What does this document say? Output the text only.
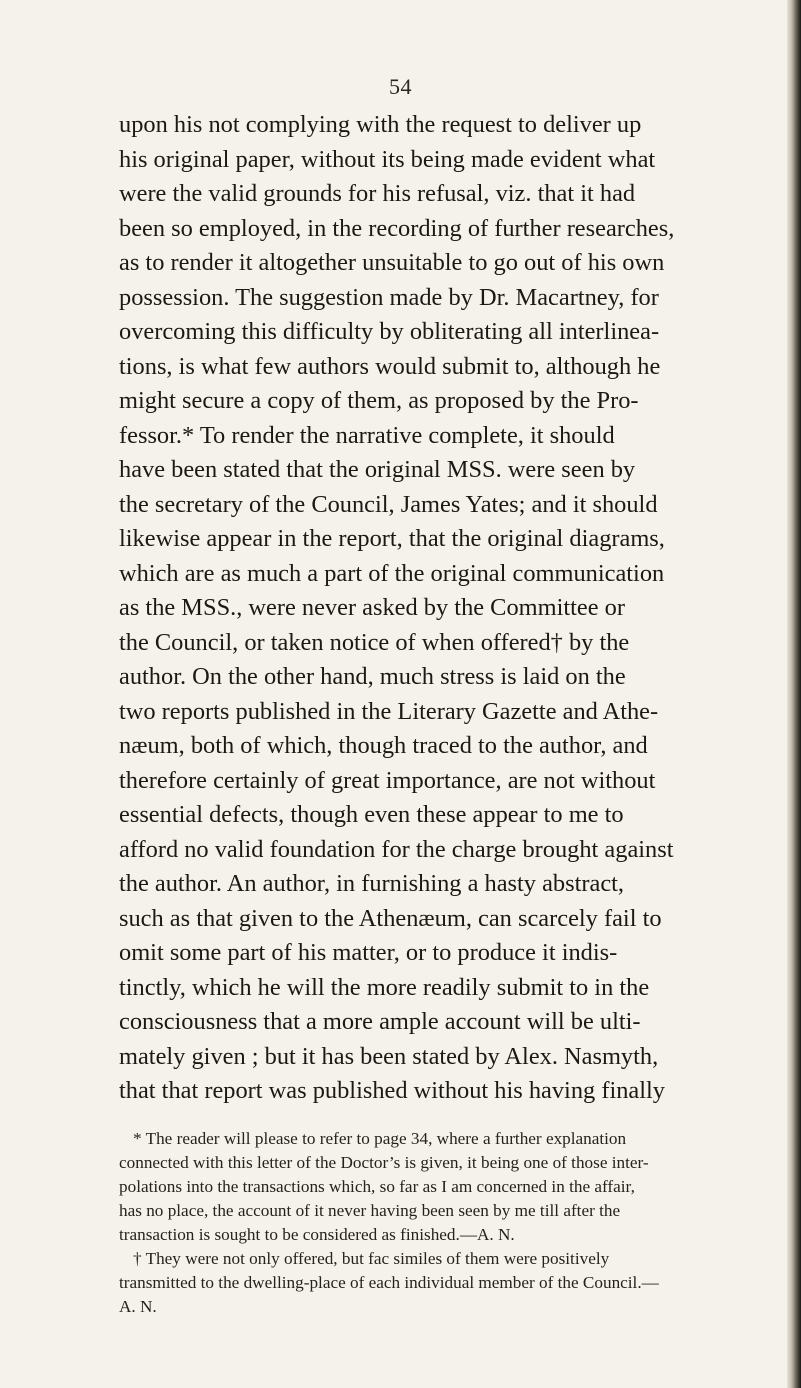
54
upon his not complying with the request to deliver up
his original paper, without its being made evident what
were the valid grounds for his refusal, viz. that it had
been so employed, in the recording of further researches,
as to render it altogether unsuitable to go out of his own
possession. The suggestion made by Dr. Macartney, for
overcoming this difficulty by obliterating all interlinea-
tions, is what few authors would submit to, although he
might secure a copy of them, as proposed by the Pro-
fessor.* To render the narrative complete, it should
have been stated that the original MSS. were seen by
the secretary of the Council, James Yates; and it should
likewise appear in the report, that the original diagrams,
which are as much a part of the original communication
as the MSS., were never asked by the Committee or
the Council, or taken notice of when offered† by the
author. On the other hand, much stress is laid on the
two reports published in the Literary Gazette and Athe-
næum, both of which, though traced to the author, and
therefore certainly of great importance, are not without
essential defects, though even these appear to me to
afford no valid foundation for the charge brought against
the author. An author, in furnishing a hasty abstract,
such as that given to the Athenæum, can scarcely fail to
omit some part of his matter, or to produce it indis-
tinctly, which he will the more readily submit to in the
consciousness that a more ample account will be ulti-
mately given ; but it has been stated by Alex. Nasmyth,
that that report was published without his having finally
* The reader will please to refer to page 34, where a further explanation
connected with this letter of the Doctor’s is given, it being one of those inter-
polations into the transactions which, so far as I am concerned in the affair,
has no place, the account of it never having been seen by me till after the
transaction is sought to be considered as finished.—A. N.
† They were not only offered, but fac similes of them were positively
transmitted to the dwelling-place of each individual member of the Council.—
A. N.
